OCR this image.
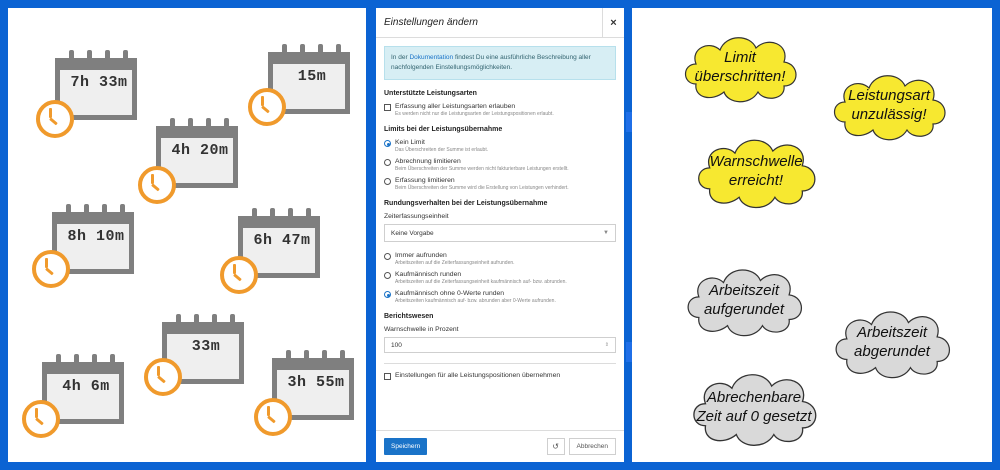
7h 33m	15m
4h 20m
8h 10m	6h 47m
33m
4h 6m	3h 55m
Einstellungen ändern	×
In der Dokumentation findest Du eine ausführliche Beschreibung aller nachfolgenden Einstellungsmöglichkeiten.
Unterstützte Leistungsarten
Erfassung aller Leistungsarten erlauben
Es werden nicht nur die Leistungsarten der Leistungspositionen erlaubt.
Limits bei der Leistungsübernahme
Kein Limit
Das Überschreiten der Summe ist erlaubt.
Abrechnung limitieren
Beim Überschreiten der Summe werden nicht fakturierbare Leistungen erstellt.
Erfassung limitieren
Beim Überschreiten der Summe wird die Erstellung von Leistungen verhindert.
Rundungsverhalten bei der Leistungsübernahme
Zeiterfassungseinheit
Keine Vorgabe	▼
Immer aufrunden
Arbeitszeiten auf die Zeiterfassungseinheit aufrunden.
Kaufmännisch runden
Arbeitszeiten auf die Zeiterfassungseinheit kaufmännisch auf- bzw. abrunden.
Kaufmännisch ohne 0-Werte runden
Arbeitszeiten kaufmännisch auf- bzw. abrunden aber 0-Werte aufrunden.
Berichtswesen
Warnschwelle in Prozent
100	⇕
Einstellungen für alle Leistungspositionen übernehmen
Speichern	↺	Abbrechen
Limit
überschritten!
Leistungsart
unzulässig!
Warnschwelle
erreicht!
Arbeitszeit
aufgerundet
Arbeitszeit
abgerundet
Abrechenbare
Zeit auf 0 gesetzt
